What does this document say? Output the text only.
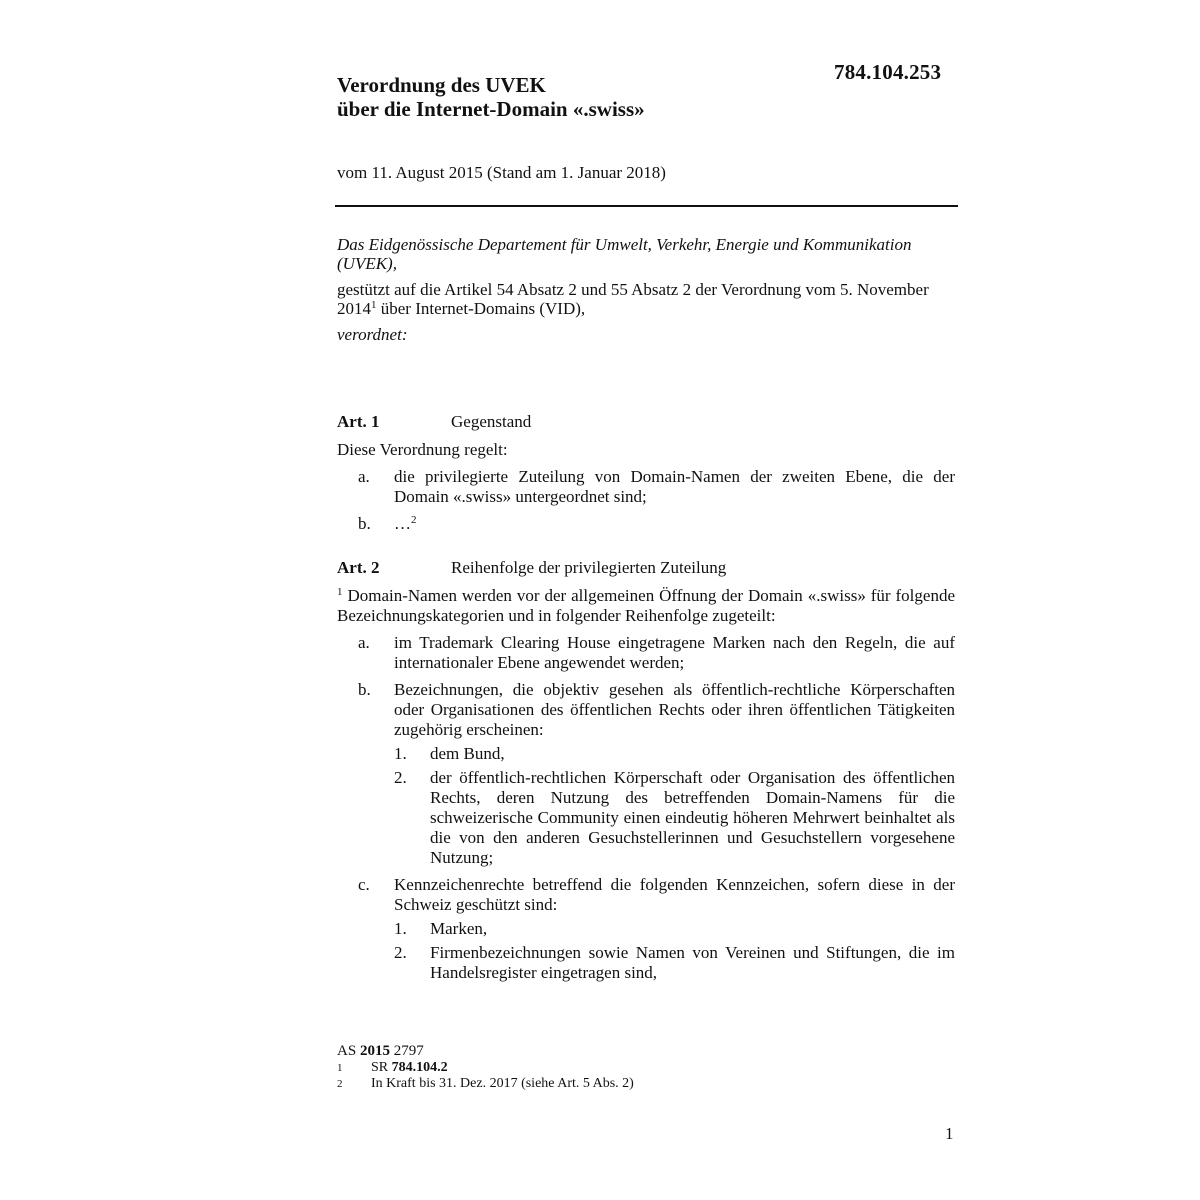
784.104.253
Verordnung des UVEK
über die Internet-Domain «.swiss»
vom 11. August 2015 (Stand am 1. Januar 2018)

Das Eidgenössische Departement für Umwelt, Verkehr, Energie und Kommunikation (UVEK),

gestützt auf die Artikel 54 Absatz 2 und 55 Absatz 2 der Verordnung vom 5. November 2014$^1$ über Internet-Domains (VID),

verordnet:

Art. 1	Gegenstand
Diese Verordnung regelt:
a.	die privilegierte Zuteilung von Domain-Namen der zweiten Ebene, die der Domain «.swiss» untergeordnet sind;
b.	…$^2$
Art. 2	Reihenfolge der privilegierten Zuteilung
$^1$ Domain-Namen werden vor der allgemeinen Öffnung der Domain «.swiss» für folgende Bezeichnungskategorien und in folgender Reihenfolge zugeteilt:
a.	im Trademark Clearing House eingetragene Marken nach den Regeln, die auf internationaler Ebene angewendet werden;
b.	Bezeichnungen, die objektiv gesehen als öffentlich-rechtliche Körperschaften oder Organisationen des öffentlichen Rechts oder ihren öffentlichen Tätigkeiten zugehörig erscheinen:
1.	dem Bund,
2.	der öffentlich-rechtlichen Körperschaft oder Organisation des öffentlichen Rechts, deren Nutzung des betreffenden Domain-Namens für die schweizerische Community einen eindeutig höheren Mehrwert beinhaltet als die von den anderen Gesuchstellerinnen und Gesuchstellern vorgesehene Nutzung;
c.	Kennzeichenrechte betreffend die folgenden Kennzeichen, sofern diese in der Schweiz geschützt sind:
1.	Marken,
2.	Firmenbezeichnungen sowie Namen von Vereinen und Stiftungen, die im Handelsregister eingetragen sind,
AS 2015 2797
1	SR 784.104.2
2	In Kraft bis 31. Dez. 2017 (siehe Art. 5 Abs. 2)
1
